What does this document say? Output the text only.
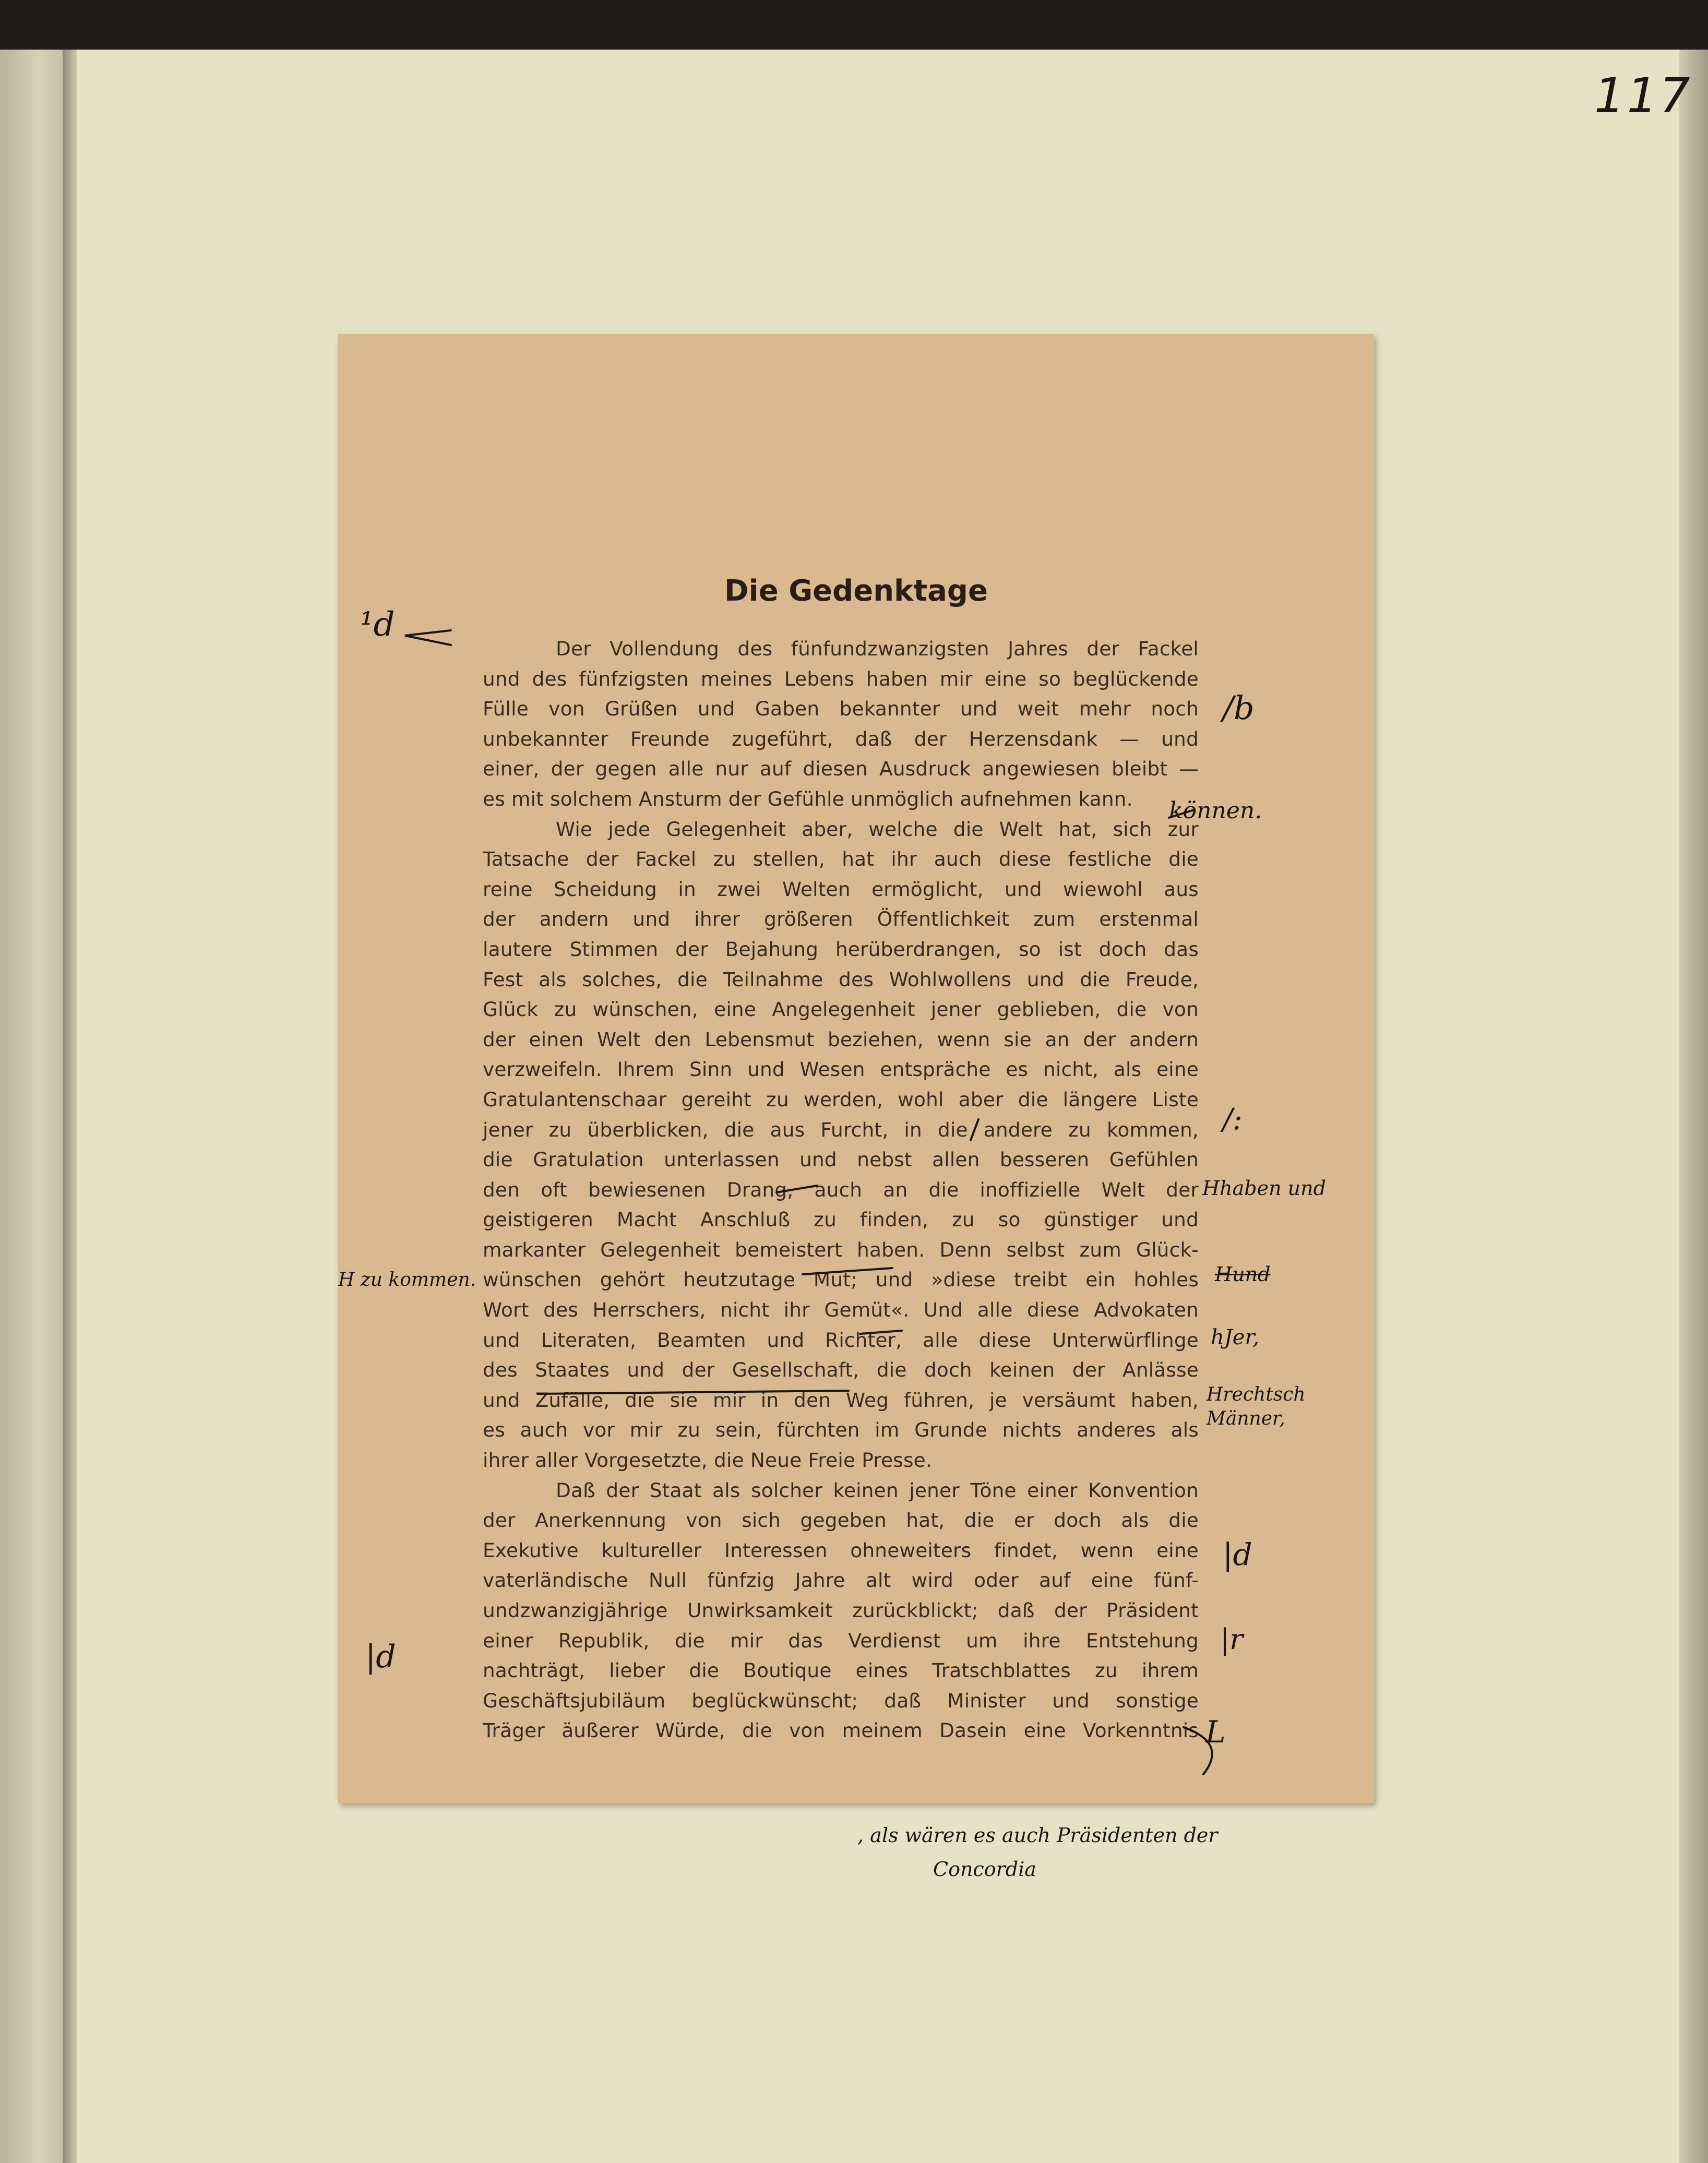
117
Die Gedenktage
Der Vollendung des fünfundzwanzigsten Jahres der Fackel
und des fünfzigsten meines Lebens haben mir eine so beglückende
Fülle von Grüßen und Gaben bekannter und weit mehr noch
unbekannter Freunde zugeführt, daß der Herzensdank — und
einer, der gegen alle nur auf diesen Ausdruck angewiesen bleibt —
es mit solchem Ansturm der Gefühle unmöglich aufnehmen kann.
Wie jede Gelegenheit aber, welche die Welt hat, sich zur
Tatsache der Fackel zu stellen, hat ihr auch diese festliche die
reine Scheidung in zwei Welten ermöglicht, und wiewohl aus
der andern und ihrer größeren Öffentlichkeit zum erstenmal
lautere Stimmen der Bejahung herüberdrangen, so ist doch das
Fest als solches, die Teilnahme des Wohlwollens und die Freude,
Glück zu wünschen, eine Angelegenheit jener geblieben, die von
der einen Welt den Lebensmut beziehen, wenn sie an der andern
verzweifeln. Ihrem Sinn und Wesen entspräche es nicht, als eine
Gratulantenschaar gereiht zu werden, wohl aber die längere Liste
jener zu überblicken, die aus Furcht, in die andere zu kommen,
die Gratulation unterlassen und nebst allen besseren Gefühlen
den oft bewiesenen Drang, auch an die inoffizielle Welt der
geistigeren Macht Anschluß zu finden, zu so günstiger und
markanter Gelegenheit bemeistert haben. Denn selbst zum Glück-
wünschen gehört heutzutage Mut; und »diese treibt ein hohles
Wort des Herrschers, nicht ihr Gemüt«. Und alle diese Advokaten
und Literaten, Beamten und Richter, alle diese Unterwürflinge
des Staates und der Gesellschaft, die doch keinen der Anlässe
und Zufälle, die sie mir in den Weg führen, je versäumt haben,
es auch vor mir zu sein, fürchten im Grunde nichts anderes als
ihrer aller Vorgesetzte, die Neue Freie Presse.
Daß der Staat als solcher keinen jener Töne einer Konvention
der Anerkennung von sich gegeben hat, die er doch als die
Exekutive kultureller Interessen ohneweiters findet, wenn eine
vaterländische Null fünfzig Jahre alt wird oder auf eine fünf-
undzwanzigjährige Unwirksamkeit zurückblickt; daß der Präsident
einer Republik, die mir das Verdienst um ihre Entstehung
nachträgt, lieber die Boutique eines Tratschblattes zu ihrem
Geschäftsjubiläum beglückwünscht; daß Minister und sonstige
Träger äußerer Würde, die von meinem Dasein eine Vorkenntnis
/b
können.
/:
Hhaben und
Hund
hJer,
Hrechtsch Männer,
|d
|r
L
, als wären es auch Präsidenten der
Concordia
¹d
H zu kommen.
|d
